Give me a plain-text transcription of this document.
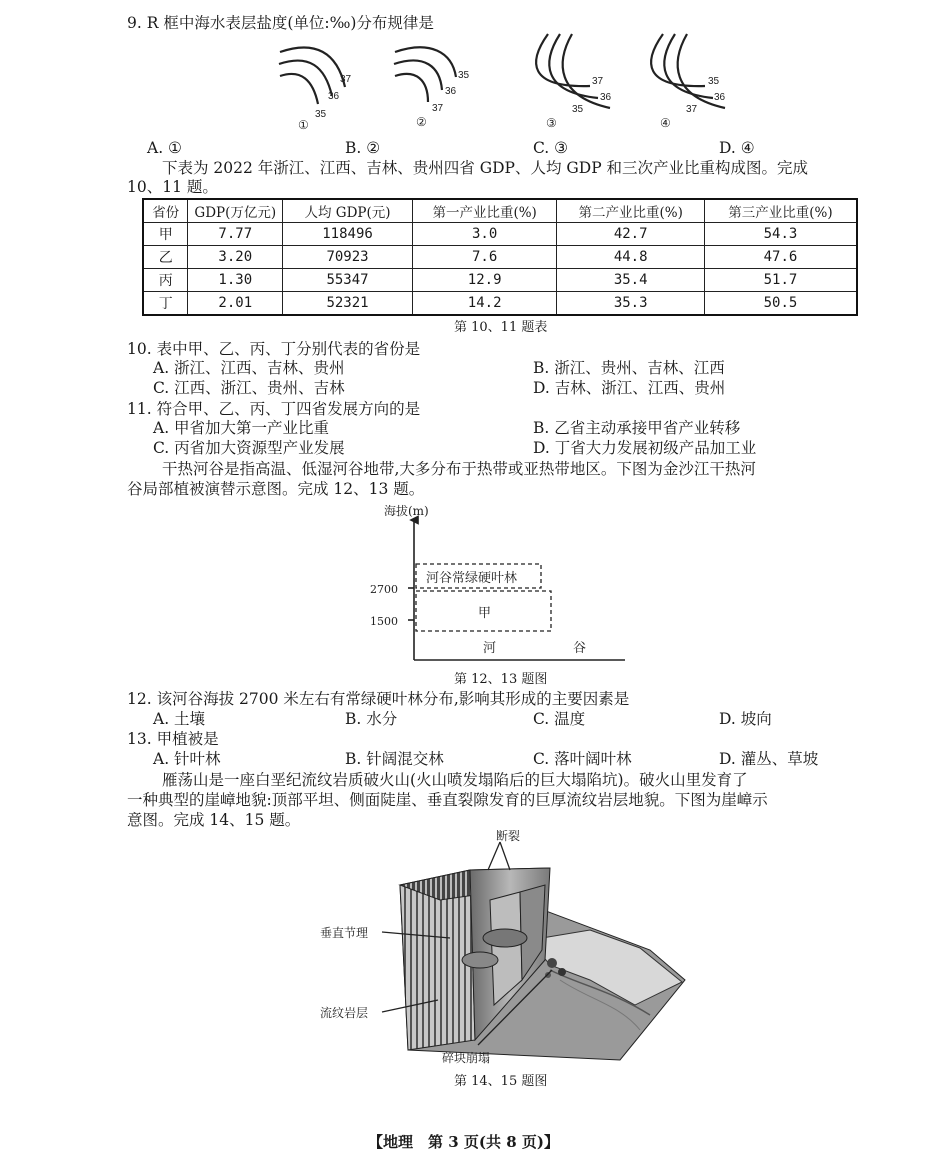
9. R 框中海水表层盐度(单位:‰)分布规律是
37
36
35
①
35
36
37
②
37
36
35
③
35
36
37
④
A. ①	B. ②	C. ③	D. ④
下表为 2022 年浙江、江西、吉林、贵州四省 GDP、人均 GDP 和三次产业比重构成图。完成
10、11 题。
省份	GDP(万亿元)	人均 GDP(元)	第一产业比重(%)	第二产业比重(%)	第三产业比重(%)
甲	7.77	118496	3.0	42.7	54.3
乙	3.20	70923	7.6	44.8	47.6
丙	1.30	55347	12.9	35.4	51.7
丁	2.01	52321	14.2	35.3	50.5
第 10、11 题表
10. 表中甲、乙、丙、丁分别代表的省份是
A. 浙江、江西、吉林、贵州	B. 浙江、贵州、吉林、江西
C. 江西、浙江、贵州、吉林	D. 吉林、浙江、江西、贵州
11. 符合甲、乙、丙、丁四省发展方向的是
A. 甲省加大第一产业比重	B. 乙省主动承接甲省产业转移
C. 丙省加大资源型产业发展	D. 丁省大力发展初级产品加工业
干热河谷是指高温、低湿河谷地带,大多分布于热带或亚热带地区。下图为金沙江干热河
谷局部植被演替示意图。完成 12、13 题。
海拔(m)
2700
1500
河谷常绿硬叶林
甲
河	谷
第 12、13 题图
12. 该河谷海拔 2700 米左右有常绿硬叶林分布,影响其形成的主要因素是
A. 土壤	B. 水分	C. 温度	D. 坡向
13. 甲植被是
A. 针叶林	B. 针阔混交林	C. 落叶阔叶林	D. 灌丛、草坡
雁荡山是一座白垩纪流纹岩质破火山(火山喷发塌陷后的巨大塌陷坑)。破火山里发育了
一种典型的崖嶂地貌:顶部平坦、侧面陡崖、垂直裂隙发育的巨厚流纹岩层地貌。下图为崖嶂示
意图。完成 14、15 题。
断裂
垂直节理
流纹岩层
碎块崩塌
第 14、15 题图
【地理　第 3 页(共 8 页)】
